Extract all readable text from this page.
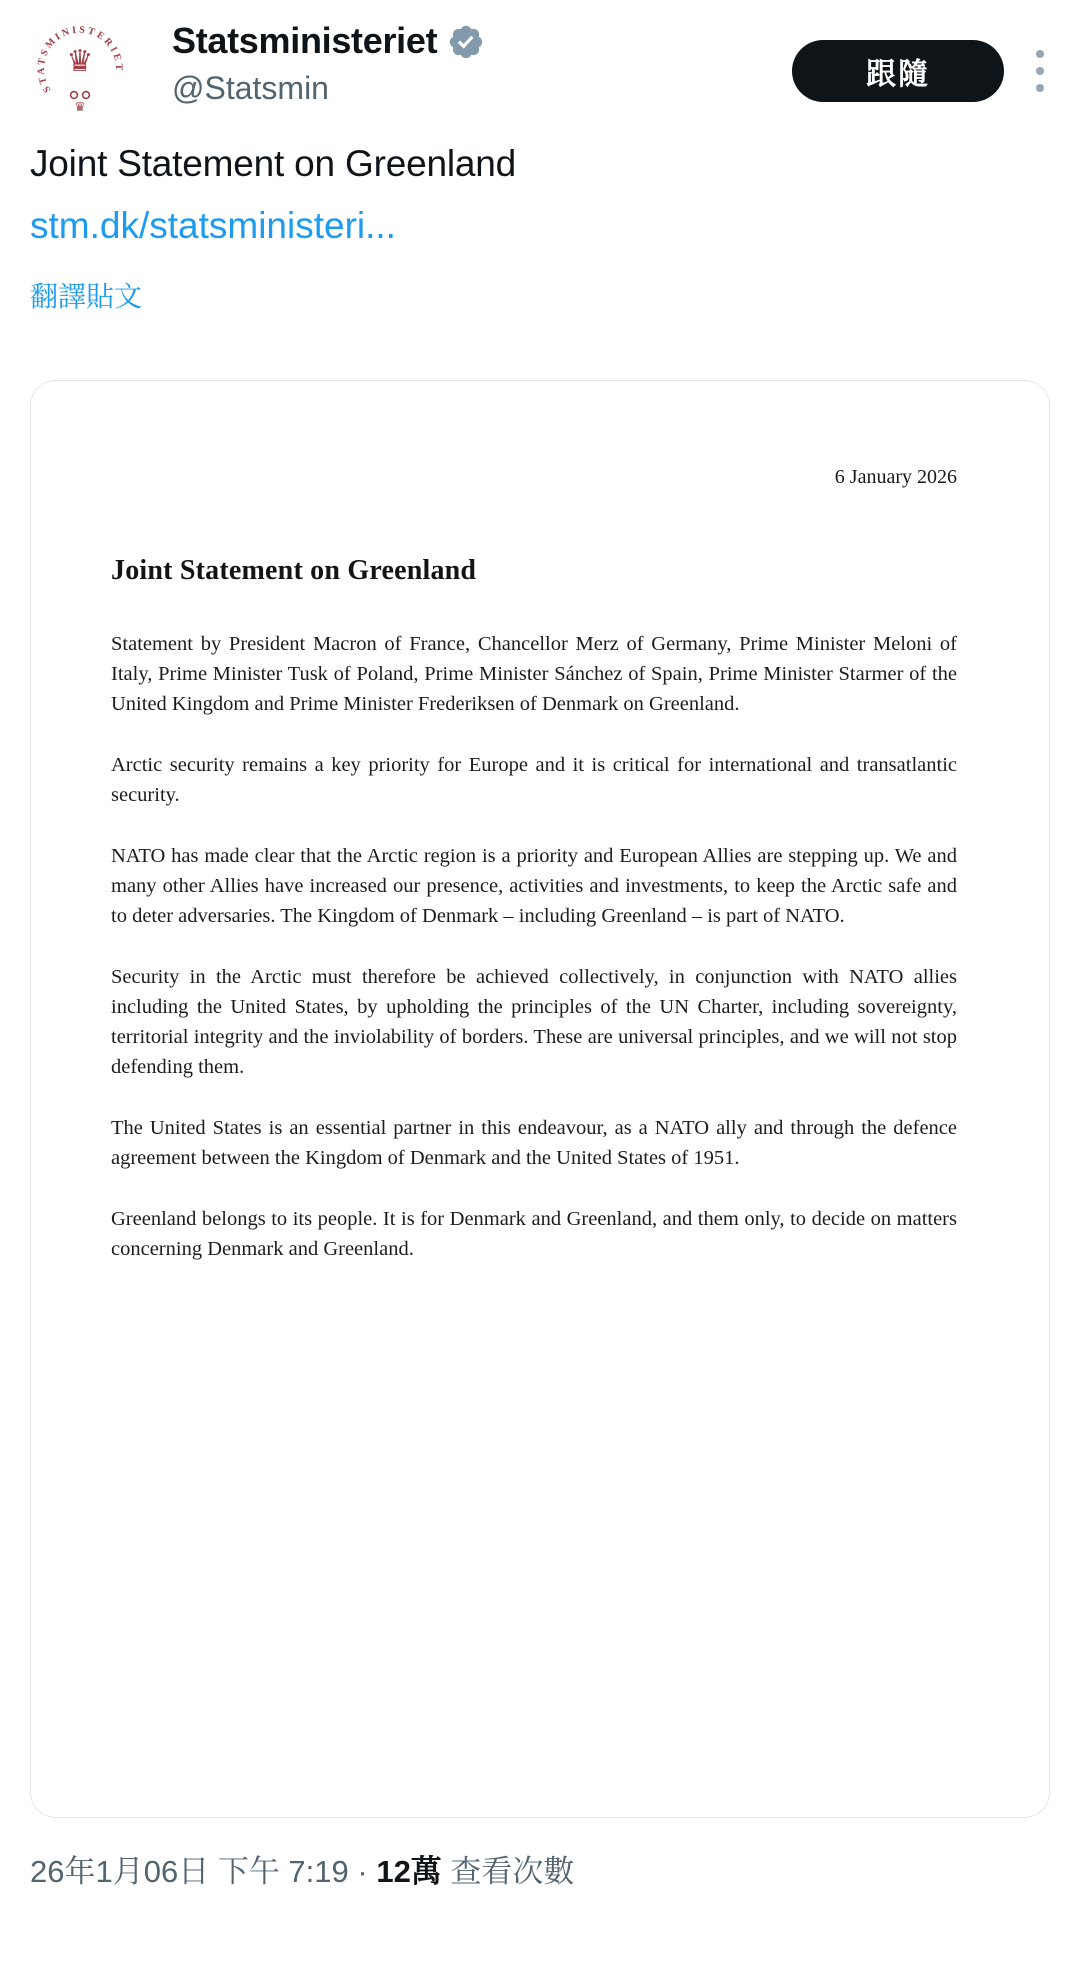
STATSMINISTERIET
♛
♛
Statsministeriet
@Statsmin	跟隨
Joint Statement on Greenland
stm.dk/statsministeri...
翻譯貼文
6 January 2026
Joint Statement on Greenland

Statement by President Macron of France, Chancellor Merz of Germany, Prime Minister Meloni of Italy, Prime Minister Tusk of Poland, Prime Minister Sánchez of Spain, Prime Minister Starmer of the United Kingdom and Prime Minister Frederiksen of Denmark on Greenland.

Arctic security remains a key priority for Europe and it is critical for international and transatlantic security.

NATO has made clear that the Arctic region is a priority and European Allies are stepping up. We and many other Allies have increased our presence, activities and investments, to keep the Arctic safe and to deter adversaries. The Kingdom of Denmark – including Greenland – is part of NATO.

Security in the Arctic must therefore be achieved collectively, in conjunction with NATO allies including the United States, by upholding the principles of the UN Charter, including sovereignty, territorial integrity and the inviolability of borders. These are universal principles, and we will not stop defending them.

The United States is an essential partner in this endeavour, as a NATO ally and through the defence agreement between the Kingdom of Denmark and the United States of 1951.

Greenland belongs to its people. It is for Denmark and Greenland, and them only, to decide on matters concerning Denmark and Greenland.

26年1月06日 下午 7:19 · 12萬 查看次數
